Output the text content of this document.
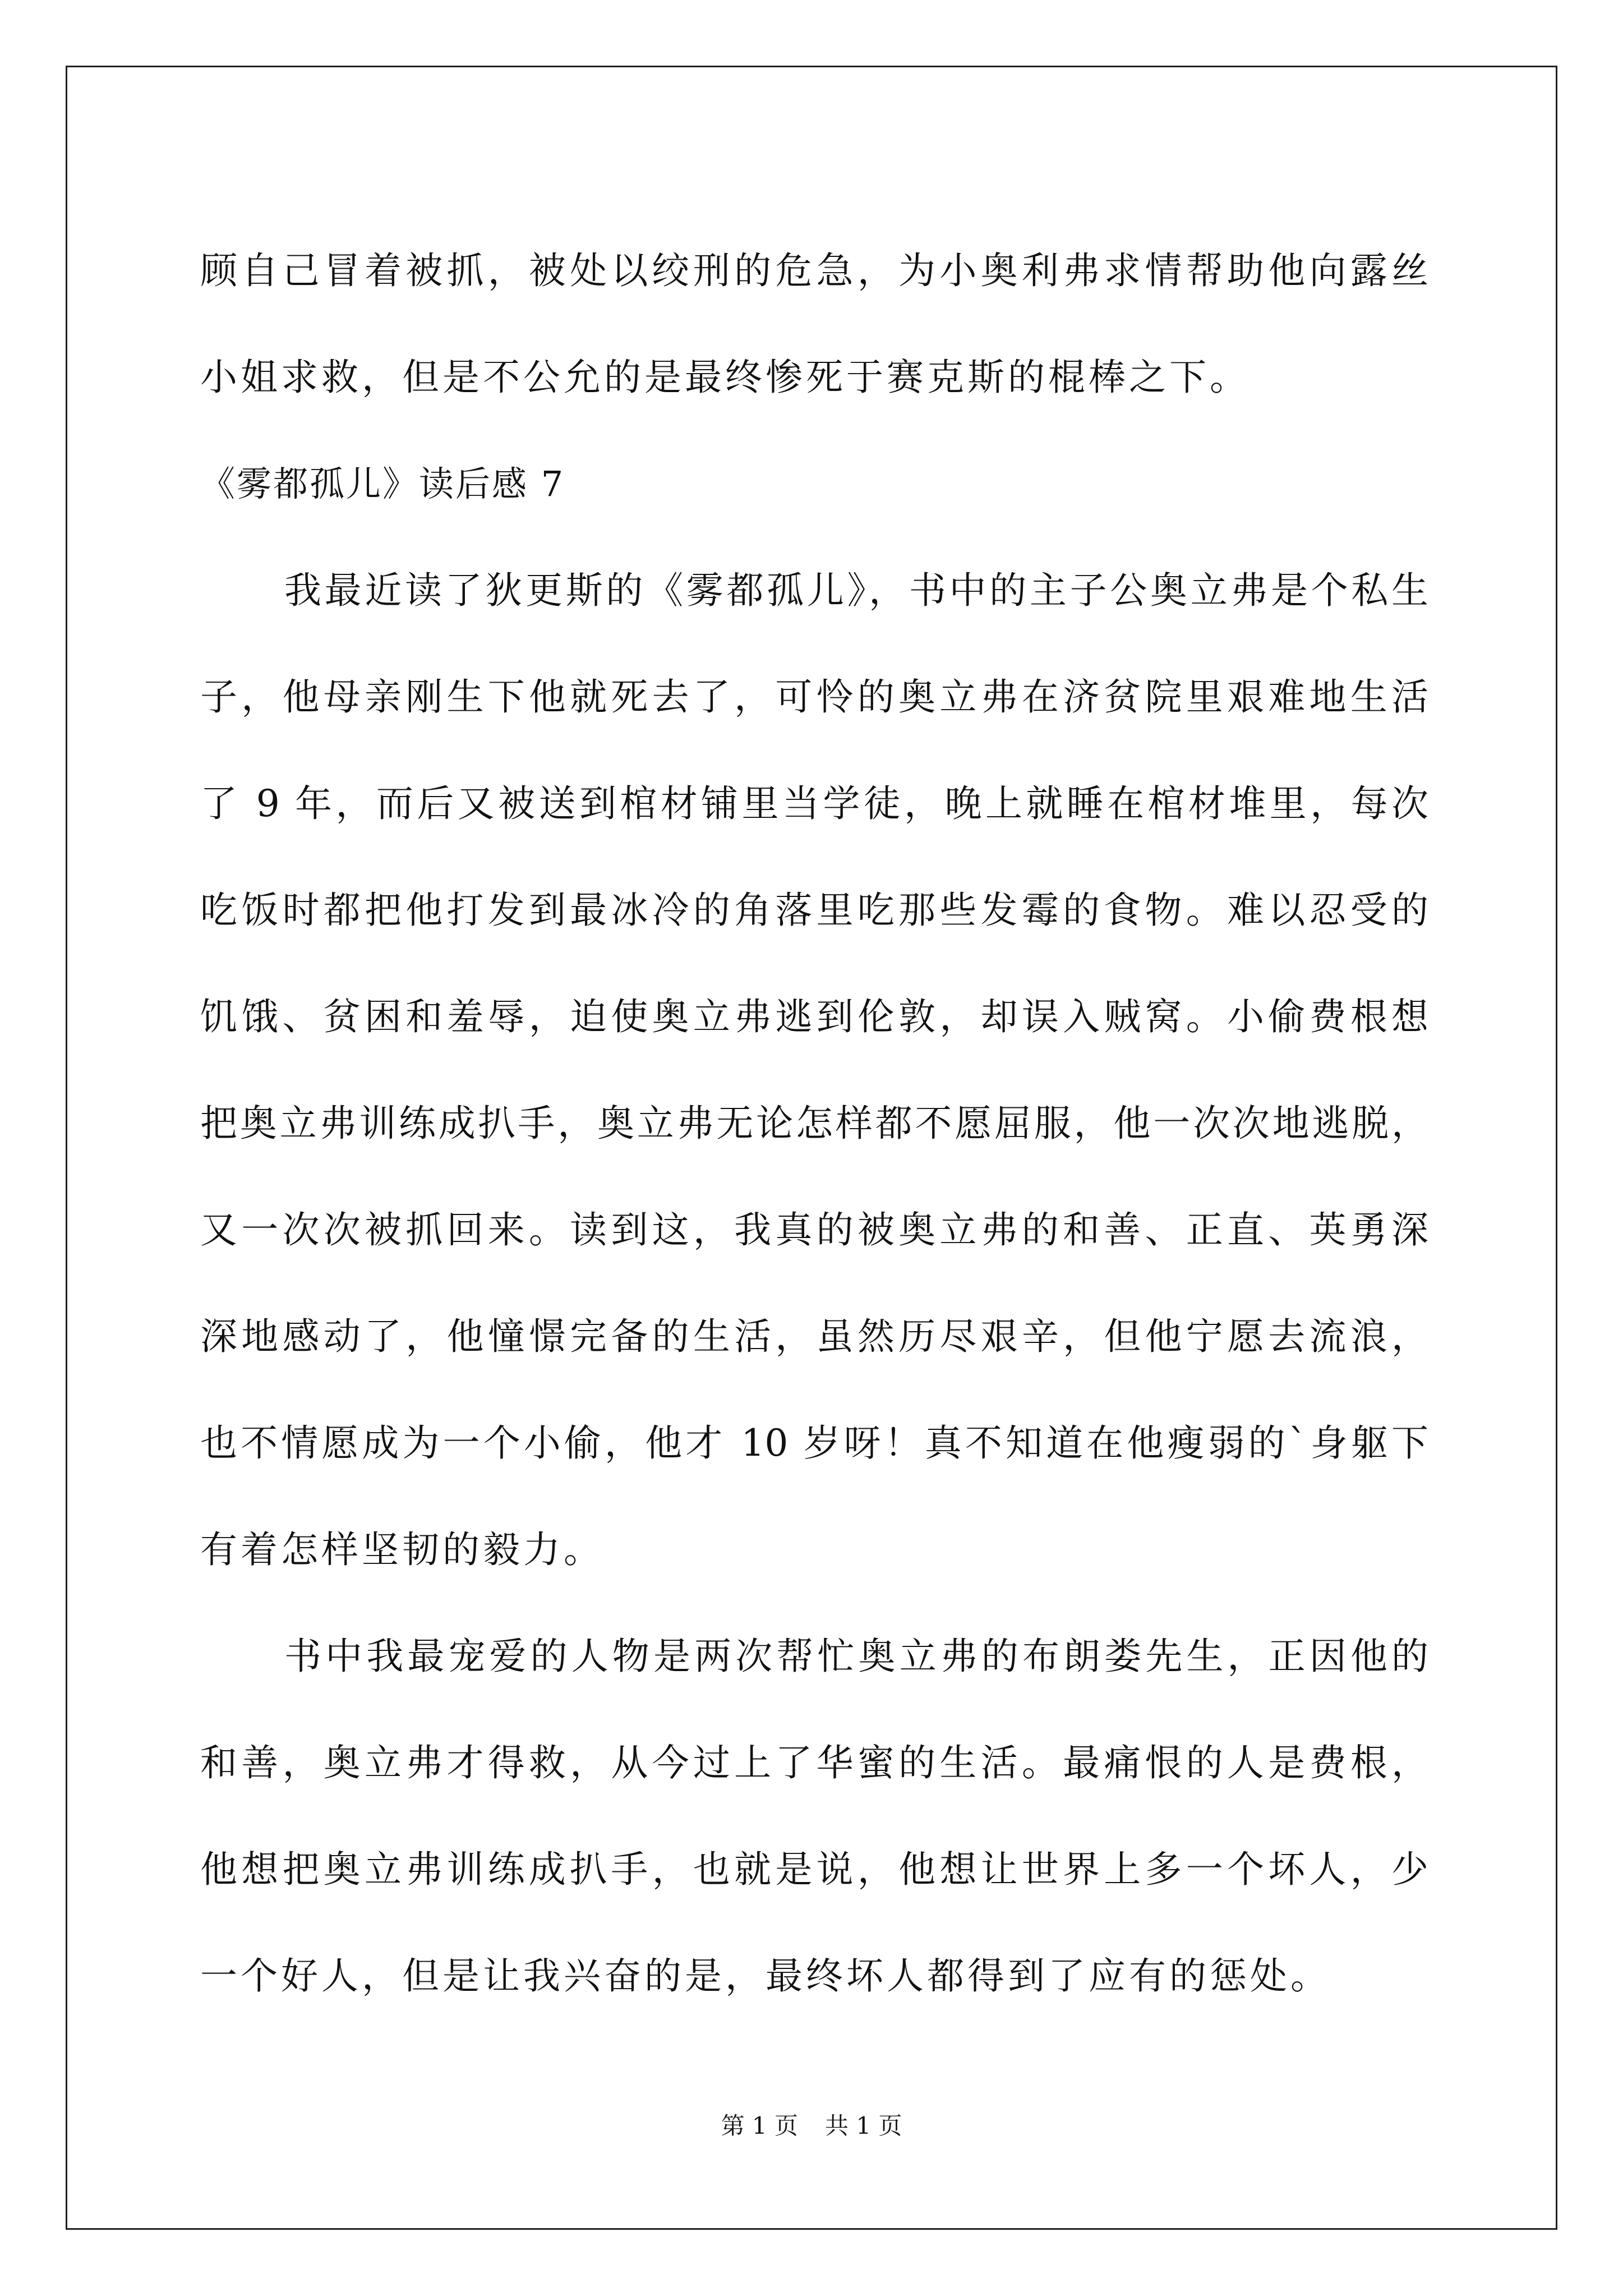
顾自己冒着被抓，被处以绞刑的危急，为小奥利弗求情帮助他向露丝
小姐求救，但是不公允的是最终惨死于赛克斯的棍棒之下。
《雾都孤儿》读后感 7
我最近读了狄更斯的《雾都孤儿》，书中的主子公奥立弗是个私生
子，他母亲刚生下他就死去了，可怜的奥立弗在济贫院里艰难地生活
了 9 年，而后又被送到棺材铺里当学徒，晚上就睡在棺材堆里，每次
吃饭时都把他打发到最冰冷的角落里吃那些发霉的食物。难以忍受的
饥饿、贫困和羞辱，迫使奥立弗逃到伦敦，却误入贼窝。小偷费根想
把奥立弗训练成扒手，奥立弗无论怎样都不愿屈服，他一次次地逃脱，
又一次次被抓回来。读到这，我真的被奥立弗的和善、正直、英勇深
深地感动了，他憧憬完备的生活，虽然历尽艰辛，但他宁愿去流浪，
也不情愿成为一个小偷，他才 10 岁呀！真不知道在他瘦弱的`身躯下
有着怎样坚韧的毅力。
书中我最宠爱的人物是两次帮忙奥立弗的布朗娄先生，正因他的
和善，奥立弗才得救，从今过上了华蜜的生活。最痛恨的人是费根，
他想把奥立弗训练成扒手，也就是说，他想让世界上多一个坏人，少
一个好人，但是让我兴奋的是，最终坏人都得到了应有的惩处。
第 1 页 共 1 页
